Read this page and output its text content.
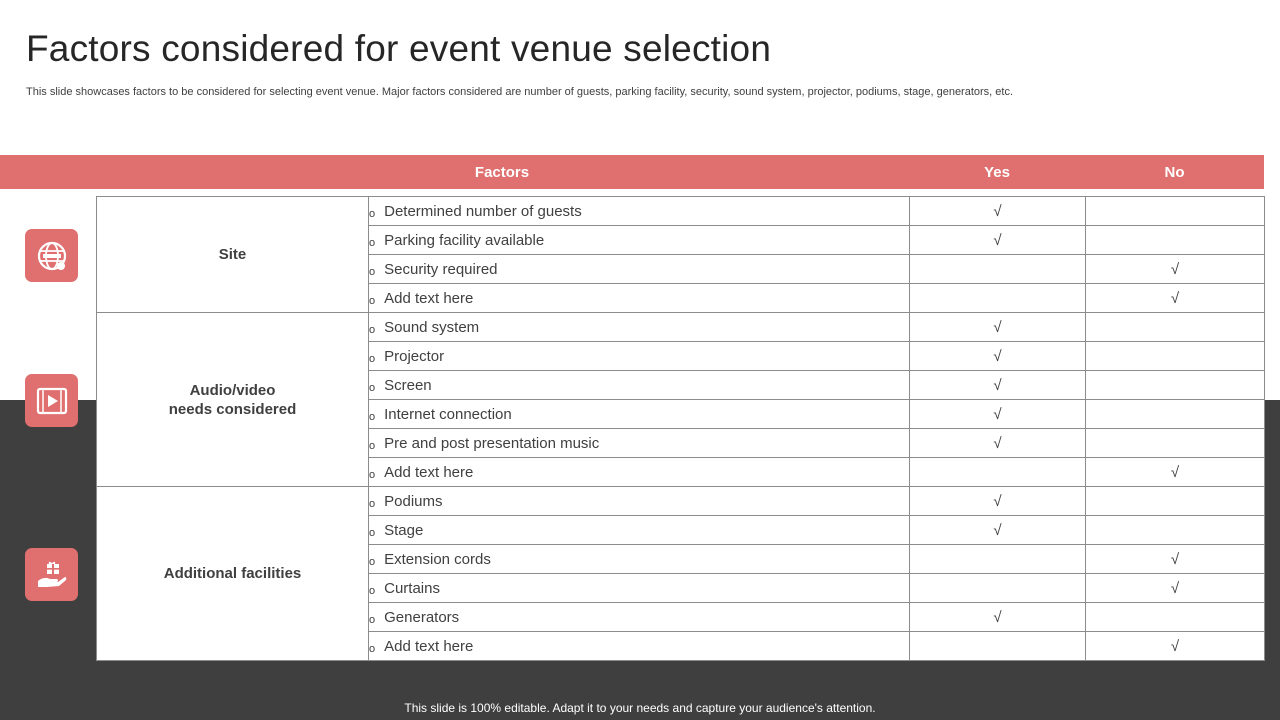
Factors considered for event venue selection

This slide showcases factors to be considered for selecting event venue. Major factors considered are number of guests, parking facility, security, sound system, projector, podiums, stage, generators, etc.

Factors	Yes	No
Site	o Determined number of guests	√	
	o Parking facility available	√	
	o Security required		√
	o Add text here		√
Audio/video
needs considered	o Sound system	√	
	o Projector	√	
	o Screen	√	
	o Internet connection	√	
	o Pre and post presentation music	√	
	o Add text here		√
Additional facilities	o Podiums	√	
	o Stage	√	
	o Extension cords		√
	o Curtains		√
	o Generators	√	
	o Add text here		√
This slide is 100% editable. Adapt it to your needs and capture your audience's attention.
